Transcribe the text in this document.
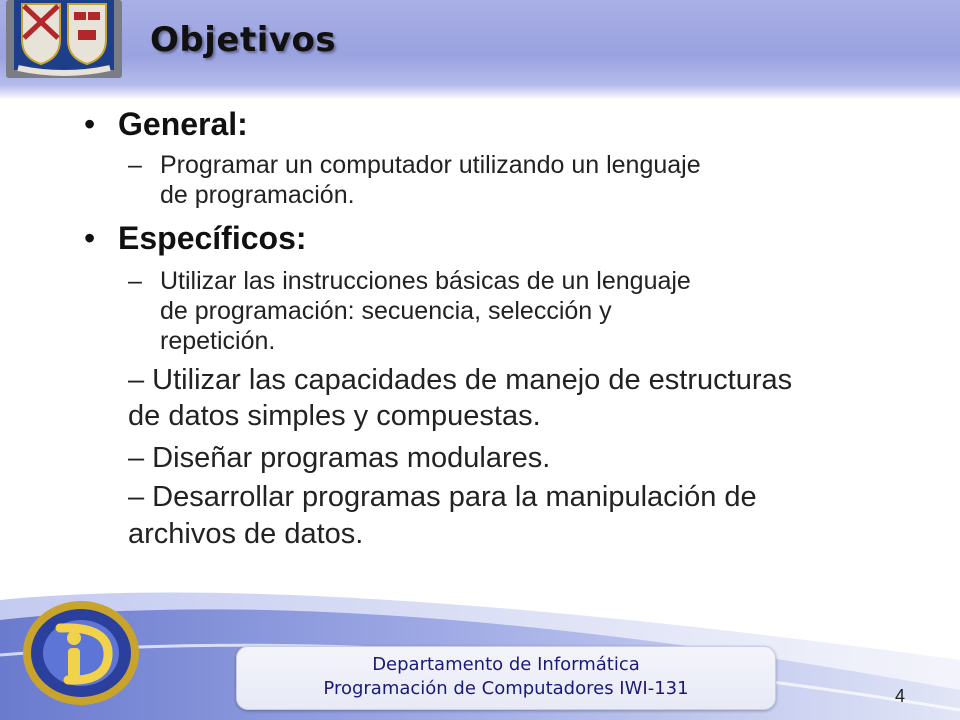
Objetivos
• General:
– Programar un computador utilizando un lenguaje
de programación.
• Específicos:
– Utilizar las instrucciones básicas de un lenguaje
de programación: secuencia, selección y
repetición.
– Utilizar las capacidades de manejo de estructuras
de datos simples y compuestas.
– Diseñar programas modulares.
– Desarrollar programas para la manipulación de
archivos de datos.
Departamento de Informática
Programación de Computadores IWI-131	4
